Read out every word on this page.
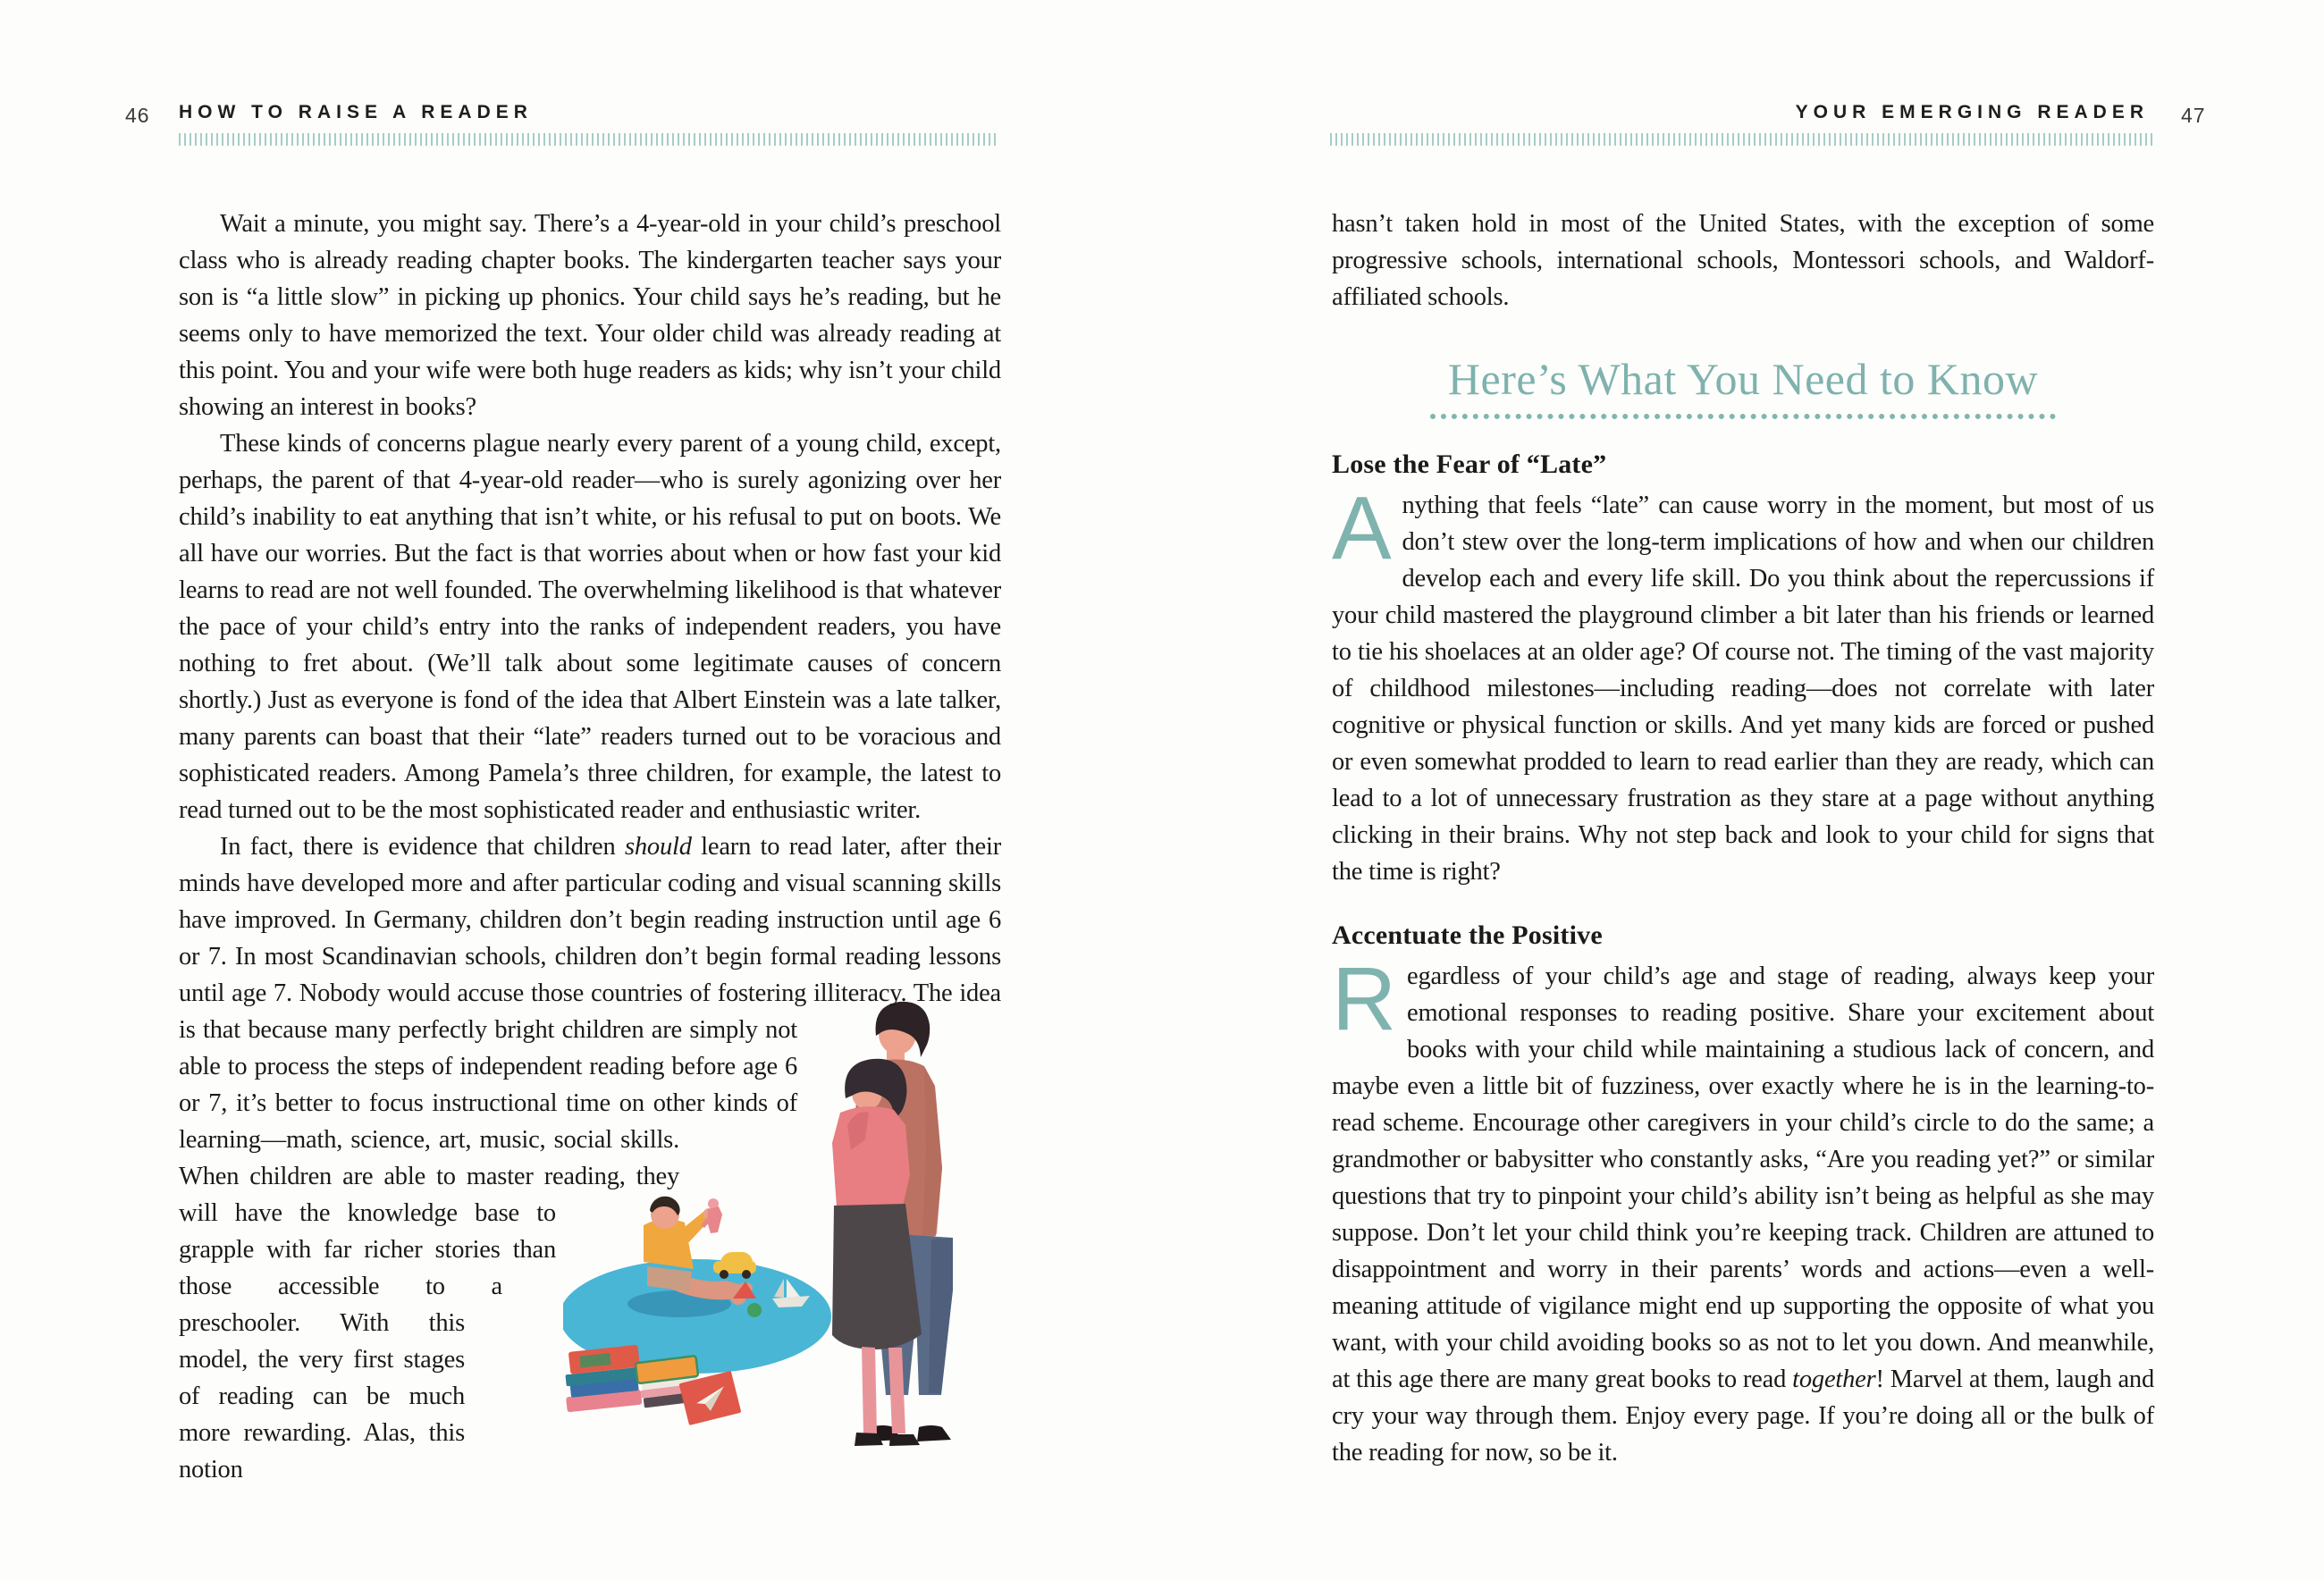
46 HOW TO RAISE A READER

Wait a minute, you might say. There’s a 4-year-old in your child’s preschool class who is already reading chapter books. The kindergarten teacher says your son is “a little slow” in picking up phonics. Your child says he’s reading, but he seems only to have memorized the text. Your older child was already reading at this point. You and your wife were both huge readers as kids; why isn’t your child showing an interest in books?

These kinds of concerns plague nearly every parent of a young child, except, perhaps, the parent of that 4-year-old reader—who is surely agonizing over her child’s inability to eat anything that isn’t white, or his refusal to put on boots. We all have our worries. But the fact is that worries about when or how fast your kid learns to read are not well founded. The overwhelming likelihood is that whatever the pace of your child’s entry into the ranks of independent readers, you have nothing to fret about. (We’ll talk about some legitimate causes of concern shortly.) Just as everyone is fond of the idea that Albert Einstein was a late talker, many parents can boast that their “late” readers turned out to be voracious and sophisticated readers. Among Pamela’s three children, for example, the latest to read turned out to be the most sophisticated reader and enthusiastic writer.

In fact, there is evidence that children should learn to read later, after their minds have developed more and after particular coding and visual scanning skills have improved. In Germany, children don’t begin reading instruction until age 6 or 7. In most Scandinavian schools, children don’t begin formal reading lessons until age 7. Nobody would
accuse those countries of fostering illiteracy. The idea is that because many perfectly bright children are simply not able to process the steps of independent reading before age 6 or 7, it’s better to focus instructional time on other kinds of learning—math, science, art, music, social skills. When children are able to master reading, they will have the knowledge base to grapple with far richer stories than those accessible to a preschooler. With this model, the very first stages of reading can be much more rewarding. Alas, this notion

YOUR EMERGING READER 47

hasn’t taken hold in most of the United States, with the exception of some progressive schools, international schools, Montessori schools, and Waldorf-affiliated schools.

Here’s What You Need to Know
Lose the Fear of “Late”

Anything that feels “late” can cause worry in the moment, but most of us don’t stew over the long-term implications of how and when our children develop each and every life skill. Do you think about the repercussions if your child mastered the playground climber a bit later than his friends or learned to tie his shoelaces at an older age? Of course not. The timing of the vast majority of childhood milestones—including reading—does not correlate with later cognitive or physical function or skills. And yet many kids are forced or pushed or even somewhat prodded to learn to read earlier than they are ready, which can lead to a lot of unnecessary frustration as they stare at a page without anything clicking in their brains. Why not step back and look to your child for signs that the time is right?

Accentuate the Positive

Regardless of your child’s age and stage of reading, always keep your emotional responses to reading positive. Share your excitement about books with your child while maintaining a studious lack of concern, and maybe even a little bit of fuzziness, over exactly where he is in the learning-to-read scheme. Encourage other caregivers in your child’s circle to do the same; a grandmother or babysitter who constantly asks, “Are you reading yet?” or similar questions that try to pinpoint your child’s ability isn’t being as helpful as she may suppose. Don’t let your child think you’re keeping track. Children are attuned to disappointment and worry in their parents’ words and actions—even a well-meaning attitude of vigilance might end up supporting the opposite of what you want, with your child avoiding books so as not to let you down. And meanwhile, at this age there are many great books to read together! Marvel at them, laugh and cry your way through them. Enjoy every page. If you’re doing all or the bulk of the reading for now, so be it.
